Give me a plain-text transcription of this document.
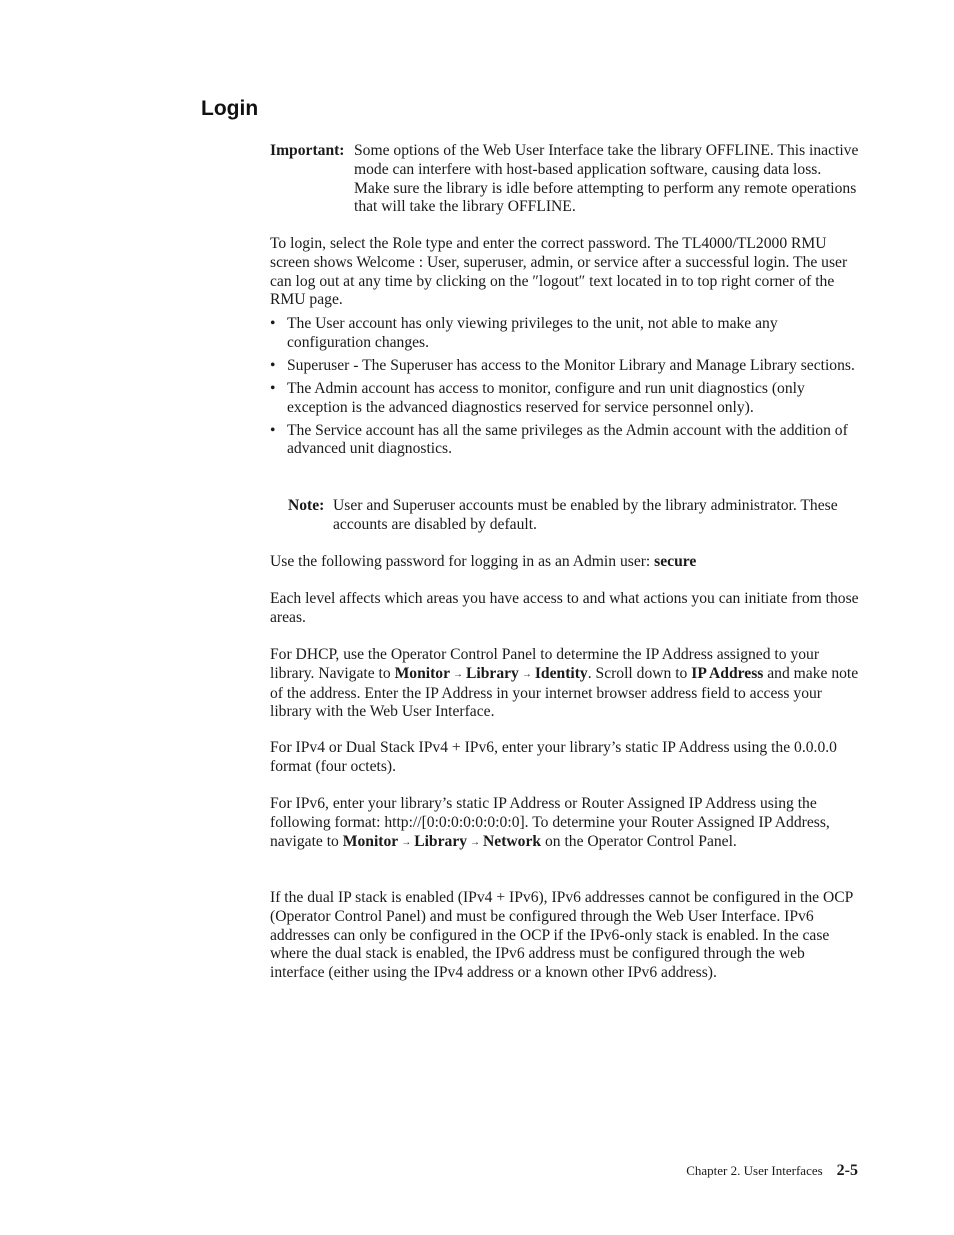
Login
Important: Some options of the Web User Interface take the library OFFLINE. This inactive mode can interfere with host-based application software, causing data loss. Make sure the library is idle before attempting to perform any remote operations that will take the library OFFLINE.

To login, select the Role type and enter the correct password. The TL4000/TL2000 RMU screen shows Welcome : User, superuser, admin, or service after a successful login. The user can log out at any time by clicking on the ″logout″ text located in to top right corner of the RMU page.

• The User account has only viewing privileges to the unit, not able to make any configuration changes.
• Superuser - The Superuser has access to the Monitor Library and Manage Library sections.
• The Admin account has access to monitor, configure and run unit diagnostics (only exception is the advanced diagnostics reserved for service personnel only).
• The Service account has all the same privileges as the Admin account with the addition of advanced unit diagnostics.
Note: User and Superuser accounts must be enabled by the library administrator. These accounts are disabled by default.

Use the following password for logging in as an Admin user: secure

Each level affects which areas you have access to and what actions you can initiate from those areas.

For DHCP, use the Operator Control Panel to determine the IP Address assigned to your library. Navigate to Monitor → Library → Identity. Scroll down to IP Address and make note of the address. Enter the IP Address in your internet browser address field to access your library with the Web User Interface.

For IPv4 or Dual Stack IPv4 + IPv6, enter your library’s static IP Address using the 0.0.0.0 format (four octets).

For IPv6, enter your library’s static IP Address or Router Assigned IP Address using the following format: http://[0:0:0:0:0:0:0:0]. To determine your Router Assigned IP Address, navigate to Monitor → Library → Network on the Operator Control Panel.

If the dual IP stack is enabled (IPv4 + IPv6), IPv6 addresses cannot be configured in the OCP (Operator Control Panel) and must be configured through the Web User Interface. IPv6 addresses can only be configured in the OCP if the IPv6-only stack is enabled. In the case where the dual stack is enabled, the IPv6 address must be configured through the web interface (either using the IPv4 address or a known other IPv6 address).

Chapter 2. User Interfaces 2-5
